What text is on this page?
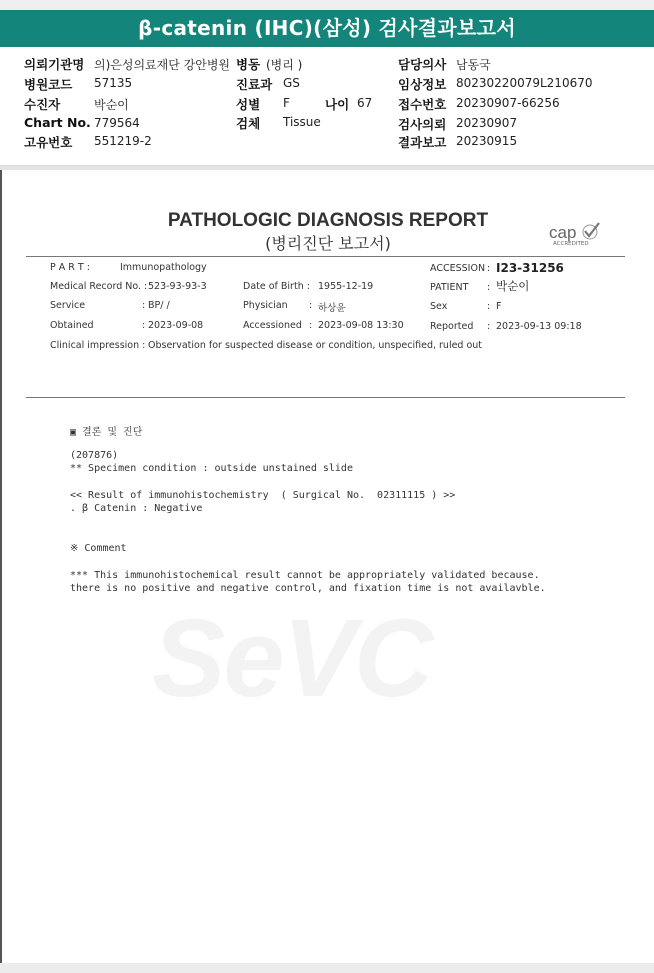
β-catenin (IHC)(삼성) 검사결과보고서
의뢰기관명 의)은성의료재단 강안병원 병동 (병리 )	담당의사 남동국
병원코드 57135	진료과 GS	임상정보 80230220079L210670
수진자	박순이	성별 F	나이 67 접수번호 20230907-66256
Chart No. 779564	검체 Tissue	검사의뢰 20230907
고유번호 551219-2	결과보고 20230915
SeVC
PATHOLOGIC DIAGNOSIS REPORT
(병리진단 보고서)
cap
ACCREDITED
P A R T :	Immunopathology	ACCESSION : I23-31256
Medical Record No. : 523-93-93-3	Date of Birth : 1955-12-19	PATIENT : 박순이
Service	: BP/ /	Physician : 하상윤	Sex	: F
Obtained	: 2023-09-08	Accessioned : 2023-09-08 13:30	Reported : 2023-09-13 09:18
Clinical impression : Observation for suspected disease or condition, unspecified, ruled out
▣ 결론 및 진단
(207876)
** Specimen condition : outside unstained slide
<< Result of immunohistochemistry  ( Surgical No.  02311115 ) >>
. β Catenin : Negative
※ Comment
*** This immunohistochemical result cannot be appropriately validated because.
there is no positive and negative control, and fixation time is not availavble.
